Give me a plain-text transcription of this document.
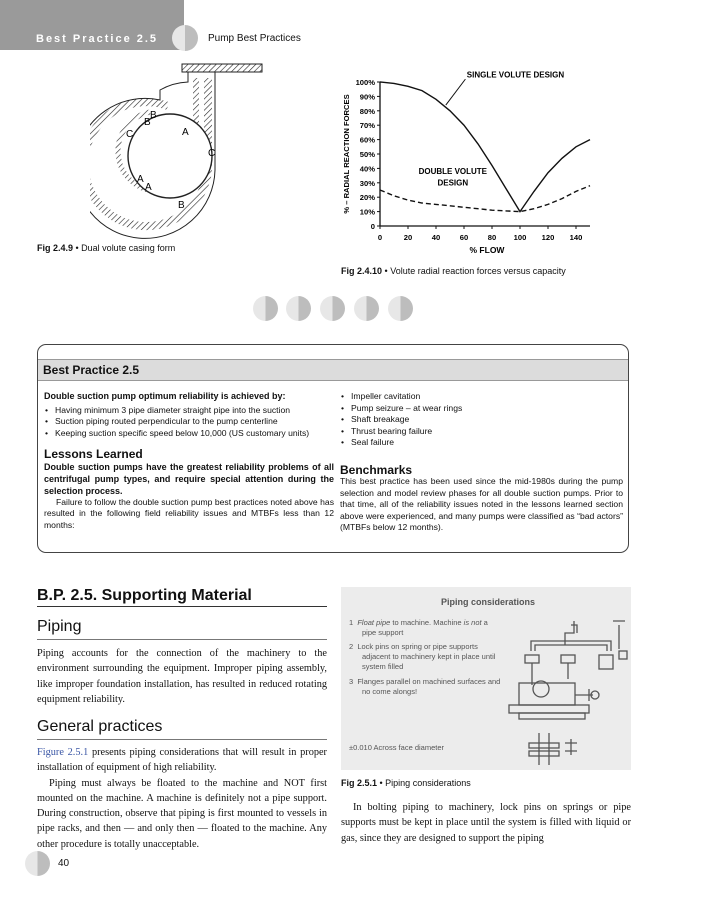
Best Practice 2.5	Pump Best Practices
A
B
C
C
A
B
A
B
Fig 2.4.9 • Dual volute casing form
0
10%
20%
30%
40%
50%
60%
70%
80%
90%
100%
0	20	40	60	80 100 120 140
% FLOW
% – RADIAL REACTION FORCES
SINGLE VOLUTE DESIGN
DOUBLE VOLUTE
DESIGN
Fig 2.4.10 • Volute radial reaction forces versus capacity
Best Practice 2.5
Double suction pump optimum reliability is achieved by:
• Having minimum 3 pipe diameter straight pipe into the suction
• Suction piping routed perpendicular to the pump centerline
• Keeping suction specific speed below 10,000 (US customary units)
Lessons Learned
Double suction pumps have the greatest reliability problems of all centrifugal pump types, and require special attention during the selection process.
Failure to follow the double suction pump best practices noted above has resulted in the following field reliability issues and MTBFs less than 12 months:
• Impeller cavitation
• Pump seizure – at wear rings
• Shaft breakage
• Thrust bearing failure
• Seal failure
Benchmarks
This best practice has been used since the mid-1980s during the pump selection and model review phases for all double suction pumps. Prior to that time, all of the reliability issues noted in the lessons learned section above were experienced, and many pumps were classified as “bad actors” (MTBFs below 12 months).
B.P. 2.5. Supporting Material
Piping
Piping accounts for the connection of the machinery to the environment surrounding the equipment. Improper piping assembly, like improper foundation installation, has resulted in reduced rotating equipment reliability.
General practices
Figure 2.5.1 presents piping considerations that will result in proper installation of equipment of high reliability.
Piping must always be floated to the machine and NOT first mounted on the machine. A machine is definitely not a pipe support. During construction, observe that piping is first mounted to vessels in pipe racks, and then — and only then — floated to the machine. Any other procedure is totally unacceptable.
Piping considerations
1 Float pipe to machine. Machine is not a
pipe support
2 Lock pins on spring or pipe supports
adjacent to machinery kept in place until
system filled
3 Flanges parallel on machined surfaces and
no come alongs!
±0.010 Across face diameter
Fig 2.5.1 • Piping considerations
In bolting piping to machinery, lock pins on springs or pipe supports must be kept in place until the system is filled with liquid or gas, since they are designed to support the piping
40
